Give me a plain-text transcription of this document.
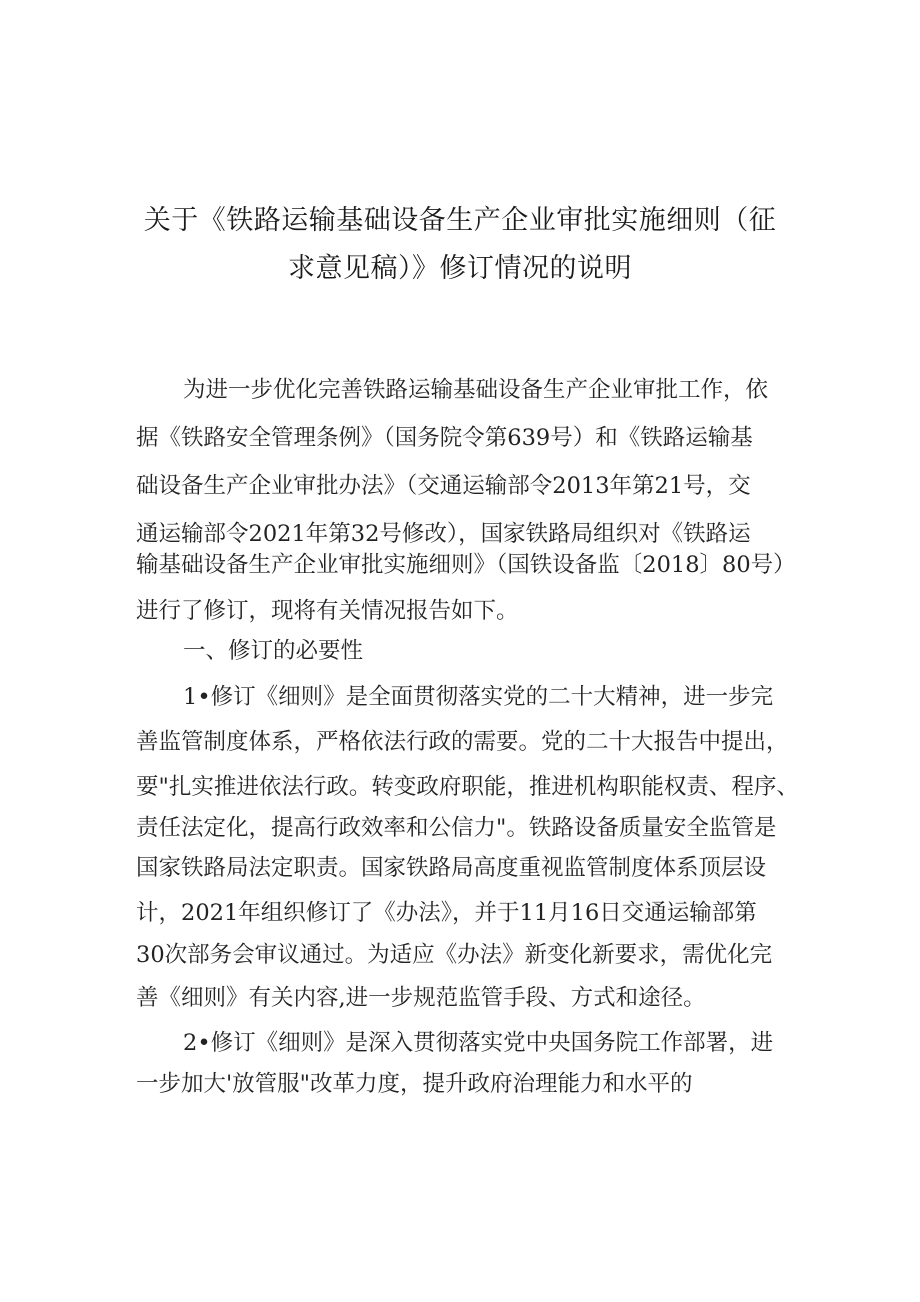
关于《铁路运输基础设备生产企业审批实施细则（征
求意见稿）》修订情况的说明
为进一步优化完善铁路运输基础设备生产企业审批工作，依
据《铁路安全管理条例》（国务院令第639号）和《铁路运输基
础设备生产企业审批办法》（交通运输部令2013年第21号，交
通运输部令2021年第32号修改），国家铁路局组织对《铁路运
输基础设备生产企业审批实施细则》（国铁设备监〔2018〕80号）
进行了修订，现将有关情况报告如下。
一、修订的必要性
1•修订《细则》是全面贯彻落实党的二十大精神，进一步完
善监管制度体系，严格依法行政的需要。党的二十大报告中提出，
要"扎实推进依法行政。转变政府职能，推进机构职能权责、程序、
责任法定化，提高行政效率和公信力"。铁路设备质量安全监管是
国家铁路局法定职责。国家铁路局高度重视监管制度体系顶层设
计，2021年组织修订了《办法》，并于11月16日交通运输部第
30次部务会审议通过。为适应《办法》新变化新要求，需优化完
善《细则》有关内容,进一步规范监管手段、方式和途径。
2•修订《细则》是深入贯彻落实党中央国务院工作部署，进
一步加大'放管服"改革力度，提升政府治理能力和水平的
